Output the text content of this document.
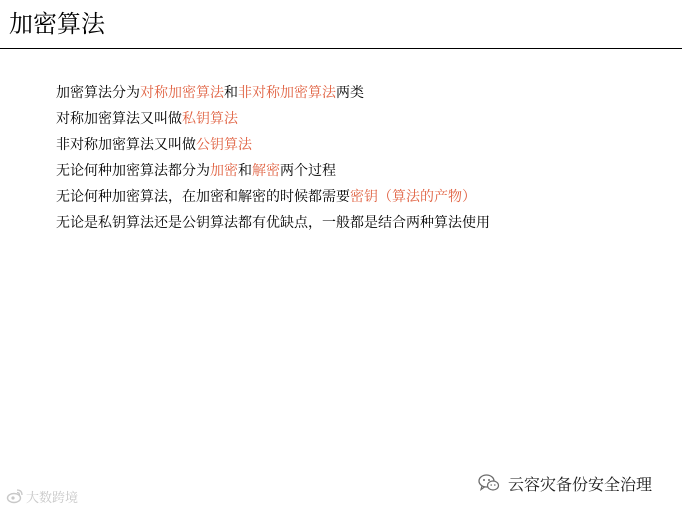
加密算法
加密算法分为对称加密算法和非对称加密算法两类
对称加密算法又叫做私钥算法
非对称加密算法又叫做公钥算法
无论何种加密算法都分为加密和解密两个过程
无论何种加密算法，在加密和解密的时候都需要密钥（算法的产物）
无论是私钥算法还是公钥算法都有优缺点，一般都是结合两种算法使用
大数跨境
云容灾备份安全治理
